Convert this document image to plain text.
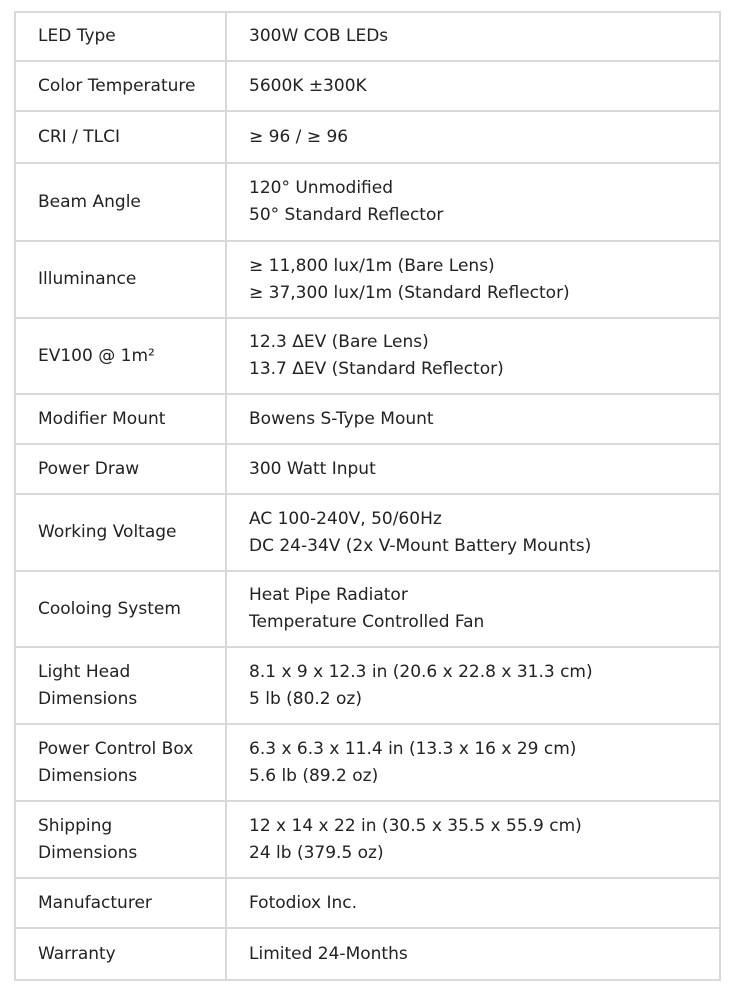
LED Type	300W COB LEDs

Color Temperature	5600K ±300K

CRI / TLCI	≥ 96 / ≥ 96

Beam Angle	120° Unmodified
50° Standard Reflector

Illuminance	≥ 11,800 lux/1m (Bare Lens)
≥ 37,300 lux/1m (Standard Reflector)

EV100 @ 1m²	12.3 ΔEV (Bare Lens)
13.7 ΔEV (Standard Reflector)

Modifier Mount	Bowens S-Type Mount

Power Draw	300 Watt Input

Working Voltage	AC 100-240V, 50/60Hz
DC 24-34V (2x V-Mount Battery Mounts)

Cooloing System	Heat Pipe Radiator
Temperature Controlled Fan

Light Head
Dimensions	8.1 x 9 x 12.3 in (20.6 x 22.8 x 31.3 cm)
5 lb (80.2 oz)

Power Control Box
Dimensions	6.3 x 6.3 x 11.4 in (13.3 x 16 x 29 cm)
5.6 lb (89.2 oz)

Shipping
Dimensions	12 x 14 x 22 in (30.5 x 35.5 x 55.9 cm)
24 lb (379.5 oz)

Manufacturer	Fotodiox Inc.

Warranty	Limited 24-Months
